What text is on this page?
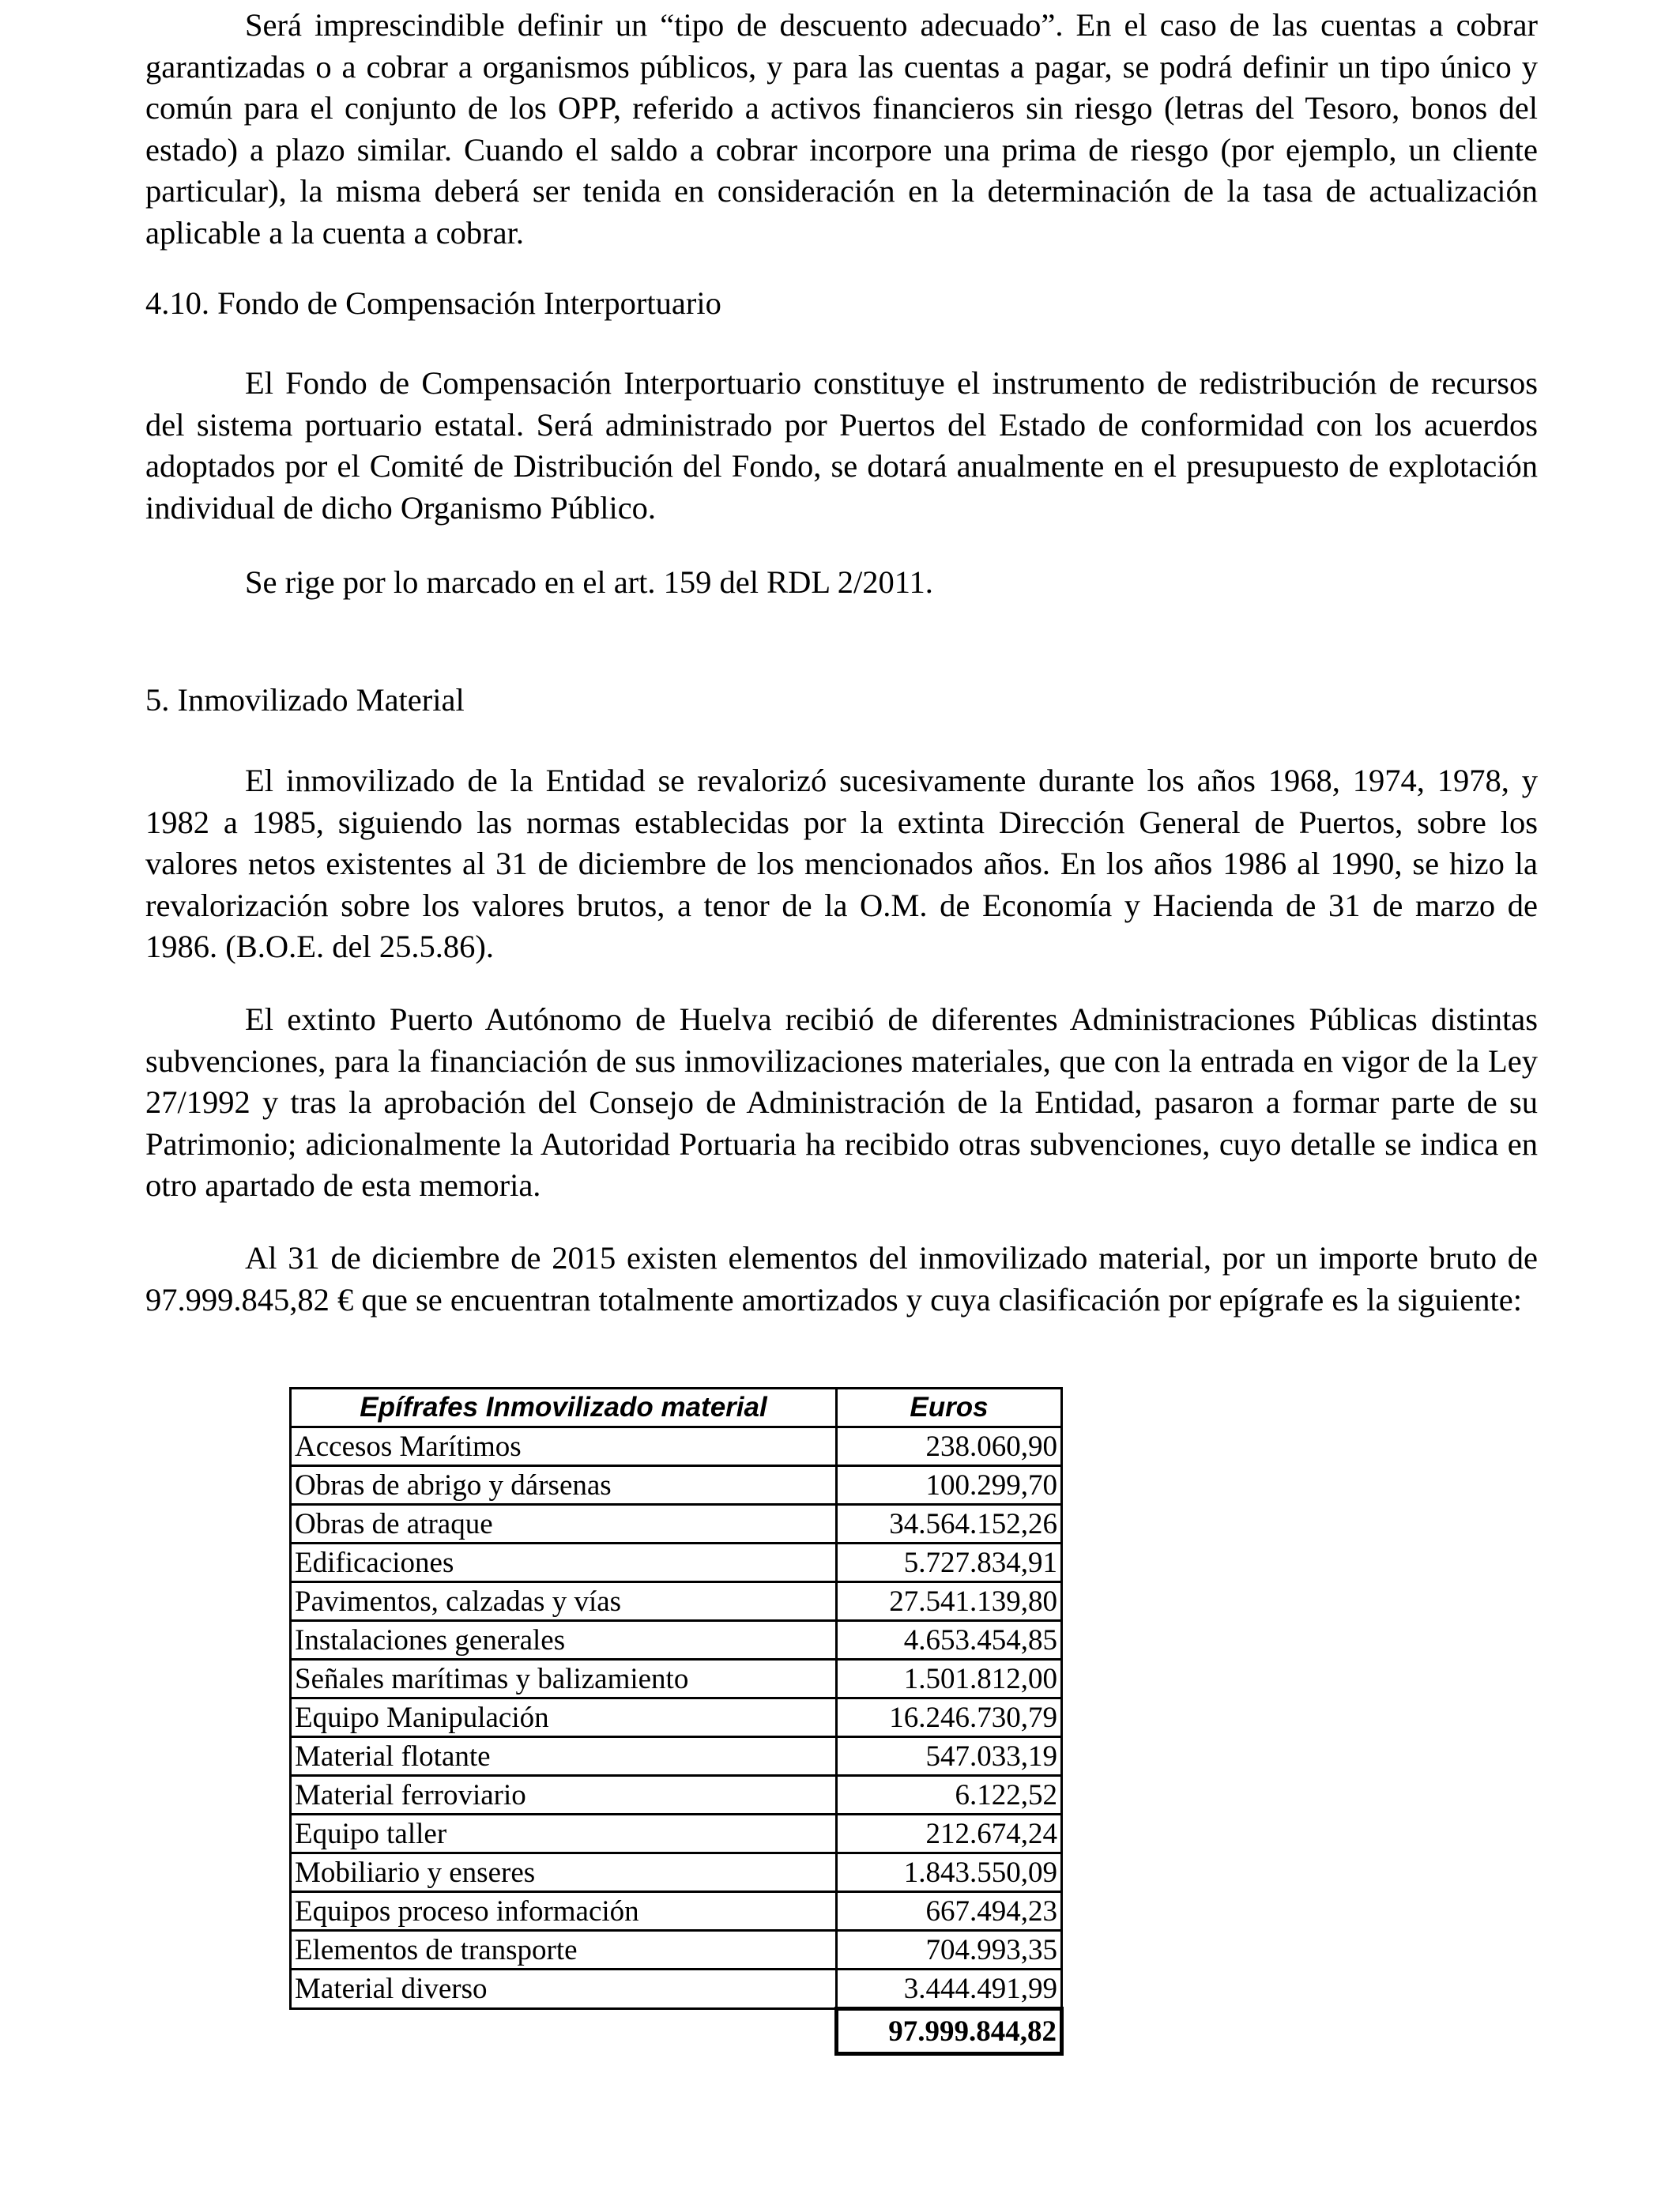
Será imprescindible definir un “tipo de descuento adecuado”. En el caso de las cuentas a cobrar garantizadas o a cobrar a organismos públicos, y para las cuentas a pagar, se podrá definir un tipo único y común para el conjunto de los OPP, referido a activos financieros sin riesgo (letras del Tesoro, bonos del estado) a plazo similar. Cuando el saldo a cobrar incorpore una prima de riesgo (por ejemplo, un cliente particular), la misma deberá ser tenida en consideración en la determinación de la tasa de actualización aplicable a la cuenta a cobrar.

4.10. Fondo de Compensación Interportuario

El Fondo de Compensación Interportuario constituye el instrumento de redistribución de recursos del sistema portuario estatal. Será administrado por Puertos del Estado de conformidad con los acuerdos adoptados por el Comité de Distribución del Fondo, se dotará anualmente en el presupuesto de explotación individual de dicho Organismo Público.

Se rige por lo marcado en el art. 159 del RDL 2/2011.

5. Inmovilizado Material

El inmovilizado de la Entidad se revalorizó sucesivamente durante los años 1968, 1974, 1978, y 1982 a 1985, siguiendo las normas establecidas por la extinta Dirección General de Puertos, sobre los valores netos existentes al 31 de diciembre de los mencionados años. En los años 1986 al 1990, se hizo la revalorización sobre los valores brutos, a tenor de la O.M. de Economía y Hacienda de 31 de marzo de 1986. (B.O.E. del 25.5.86).

El extinto Puerto Autónomo de Huelva recibió de diferentes Administraciones Públicas distintas subvenciones, para la financiación de sus inmovilizaciones materiales, que con la entrada en vigor de la Ley 27/1992 y tras la aprobación del Consejo de Administración de la Entidad, pasaron a formar parte de su Patrimonio; adicionalmente la Autoridad Portuaria ha recibido otras subvenciones, cuyo detalle se indica en otro apartado de esta memoria.

Al 31 de diciembre de 2015 existen elementos del inmovilizado material, por un importe bruto de 97.999.845,82 € que se encuentran totalmente amortizados y cuya clasificación por epígrafe es la siguiente:

Epífrafes Inmovilizado material	Euros
Accesos Marítimos	238.060,90
Obras de abrigo y dársenas	100.299,70
Obras de atraque	34.564.152,26
Edificaciones	5.727.834,91
Pavimentos, calzadas y vías	27.541.139,80
Instalaciones generales	4.653.454,85
Señales marítimas y balizamiento	1.501.812,00
Equipo Manipulación	16.246.730,79
Material flotante	547.033,19
Material ferroviario	6.122,52
Equipo taller	212.674,24
Mobiliario y enseres	1.843.550,09
Equipos proceso información	667.494,23
Elementos de transporte	704.993,35
Material diverso	3.444.491,99
	97.999.844,82
